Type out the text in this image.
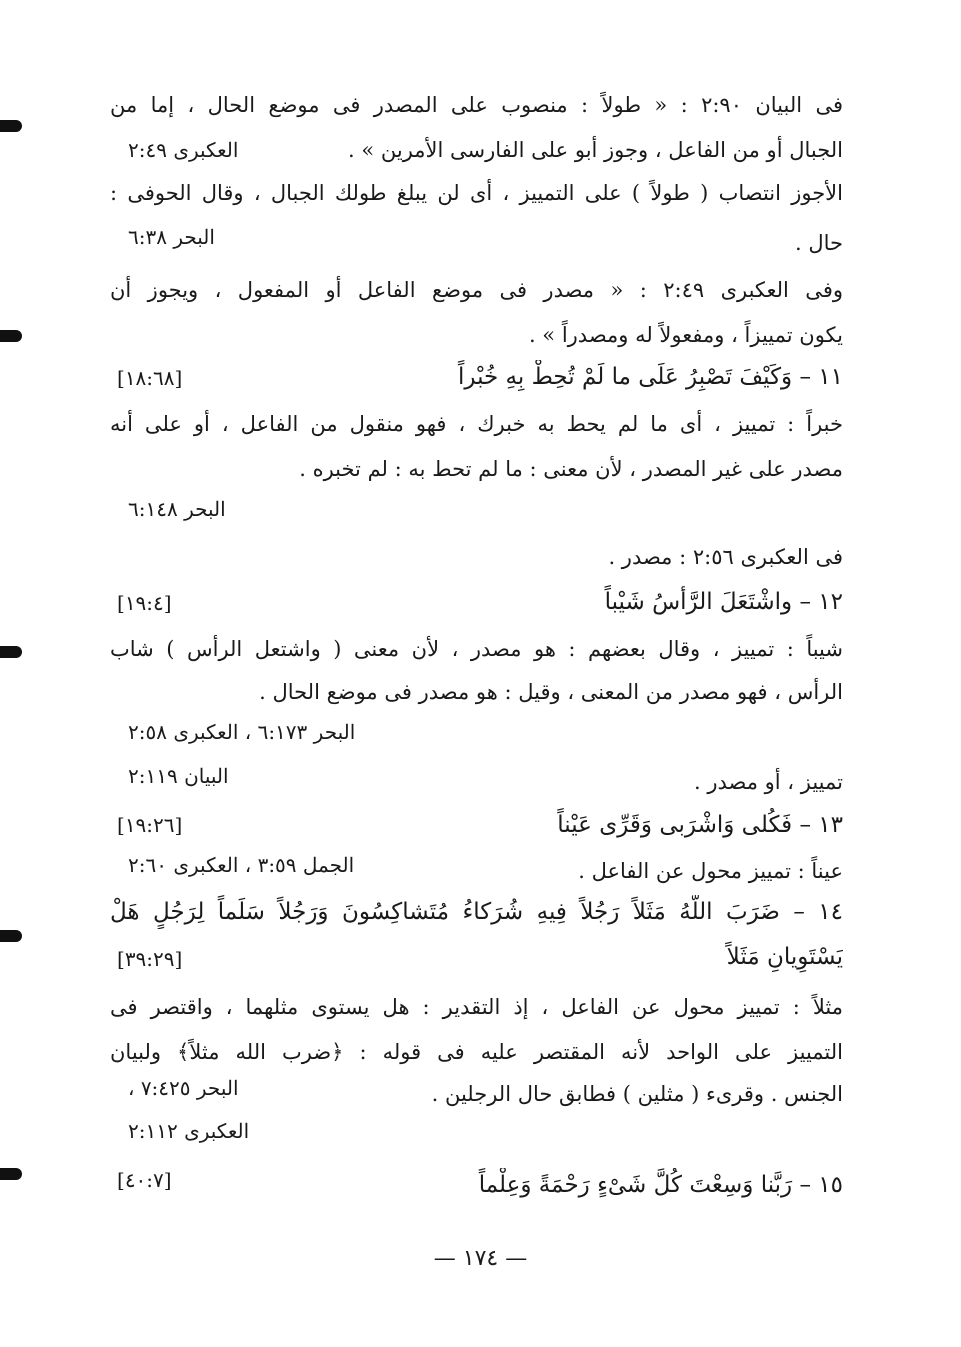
فى البيان ٢:٩٠ : « طولاً : منصوب على المصدر فى موضع الحال ، إما من
الجبال أو من الفاعل ، وجوز أبو على الفارسى الأمرين » .
العكبرى ٢:٤٩
الأجوز انتصاب ( طولاً ) على التمييز ، أى لن يبلغ طولك الجبال ، وقال الحوفى :
حال .
البحر ٦:٣٨
وفى العكبرى ٢:٤٩ : « مصدر فى موضع الفاعل أو المفعول ، ويجوز أن
يكون تمييزاً ، ومفعولاً له ومصدراً » .
١١ – وَكَيْفَ تَصْبِرُ عَلَى ما لَمْ تُحِطْ بِهِ خُبْراً
[١٨:٦٨]
خبراً : تمييز ، أى ما لم يحط به خبرك ، فهو منقول من الفاعل ، أو على أنه
مصدر على غير المصدر ، لأن معنى : ما لم تحط به : لم تخبره .
البحر ٦:١٤٨
فى العكبرى ٢:٥٦ : مصدر .
١٢ – واشْتَعَلَ الرَّأْسُ شَيْباً
[١٩:٤]
شيباً : تمييز ، وقال بعضهم : هو مصدر ، لأن معنى ( واشتعل الرأس ) شاب
الرأس ، فهو مصدر من المعنى ، وقيل : هو مصدر فى موضع الحال .
البحر ٦:١٧٣ ، العكبرى ٢:٥٨
تمييز ، أو مصدر .
البيان ٢:١١٩
١٣ – فَكُلى وَاشْرَبى وَقَرِّى عَيْناً
[١٩:٢٦]
عيناً : تمييز محول عن الفاعل .
الجمل ٣:٥٩ ، العكبرى ٢:٦٠
١٤ – ضَرَبَ اللَّهُ مَثَلاً رَجُلاً فِيهِ شُرَكاءُ مُتَشاكِسُونَ وَرَجُلاً سَلَماً لِرَجُلٍ هَلْ
يَسْتَوِيانِ مَثَلاً
[٣٩:٢٩]
مثلاً : تمييز محول عن الفاعل ، إذ التقدير : هل يستوى مثلهما ، واقتصر فى
التمييز على الواحد لأنه المقتصر عليه فى قوله : ﴿ضرب الله مثلاً﴾ ولبيان
الجنس . وقرىء ( مثلين ) فطابق حال الرجلين .
البحر ٧:٤٢٥ ،
العكبرى ٢:١١٢
١٥ – رَبَّنا وَسِعْتَ كُلَّ شَىْءٍ رَحْمَةً وَعِلْماً
[٤٠:٧]
— ١٧٤ —
